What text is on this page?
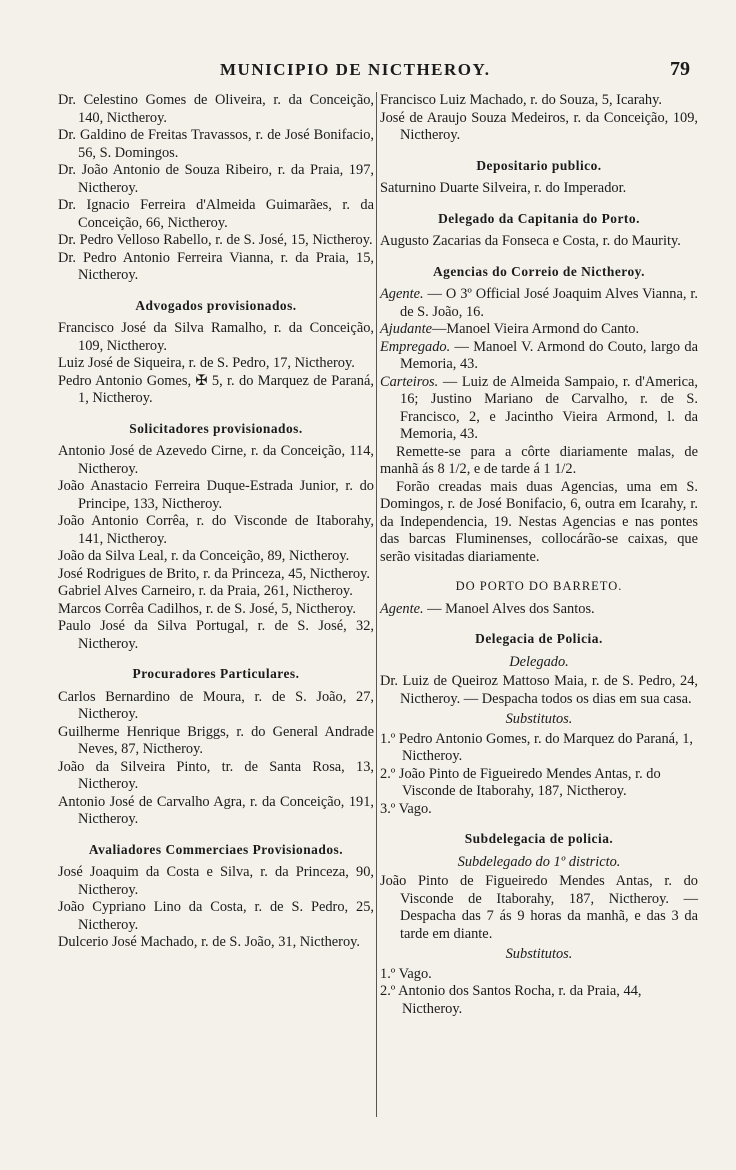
MUNICIPIO DE NICTHEROY.	79
Dr. Celestino Gomes de Oliveira, r. da Conceição, 140, Nictheroy.
Dr. Galdino de Freitas Travassos, r. de José Bonifacio, 56, S. Domingos.
Dr. João Antonio de Souza Ribeiro, r. da Praia, 197, Nictheroy.
Dr. Ignacio Ferreira d'Almeida Guimarães, r. da Conceição, 66, Nictheroy.
Dr. Pedro Velloso Rabello, r. de S. José, 15, Nictheroy.
Dr. Pedro Antonio Ferreira Vianna, r. da Praia, 15, Nictheroy.
Advogados provisionados.
Francisco José da Silva Ramalho, r. da Conceição, 109, Nictheroy.
Luiz José de Siqueira, r. de S. Pedro, 17, Nictheroy.
Pedro Antonio Gomes, ✠ 5, r. do Marquez de Paraná, 1, Nictheroy.
Solicitadores provisionados.
Antonio José de Azevedo Cirne, r. da Conceição, 114, Nictheroy.
João Anastacio Ferreira Duque-Estrada Junior, r. do Principe, 133, Nictheroy.
João Antonio Corrêa, r. do Visconde de Itaborahy, 141, Nictheroy.
João da Silva Leal, r. da Conceição, 89, Nictheroy.
José Rodrigues de Brito, r. da Princeza, 45, Nictheroy.
Gabriel Alves Carneiro, r. da Praia, 261, Nictheroy.
Marcos Corrêa Cadilhos, r. de S. José, 5, Nictheroy.
Paulo José da Silva Portugal, r. de S. José, 32, Nictheroy.
Procuradores Particulares.
Carlos Bernardino de Moura, r. de S. João, 27, Nictheroy.
Guilherme Henrique Briggs, r. do General Andrade Neves, 87, Nictheroy.
João da Silveira Pinto, tr. de Santa Rosa, 13, Nictheroy.
Antonio José de Carvalho Agra, r. da Conceição, 191, Nictheroy.
Avaliadores Commerciaes Provisionados.
José Joaquim da Costa e Silva, r. da Princeza, 90, Nictheroy.
João Cypriano Lino da Costa, r. de S. Pedro, 25, Nictheroy.
Dulcerio José Machado, r. de S. João, 31, Nictheroy.
Francisco Luiz Machado, r. do Souza, 5, Icarahy.
José de Araujo Souza Medeiros, r. da Conceição, 109, Nictheroy.
Depositario publico.
Saturnino Duarte Silveira, r. do Imperador.
Delegado da Capitania do Porto.
Augusto Zacarias da Fonseca e Costa, r. do Maurity.
Agencias do Correio de Nictheroy.
Agente. — O 3º Official José Joaquim Alves Vianna, r. de S. João, 16.
Ajudante—Manoel Vieira Armond do Canto.
Empregado. — Manoel V. Armond do Couto, largo da Memoria, 43.
Carteiros. — Luiz de Almeida Sampaio, r. d'America, 16; Justino Mariano de Carvalho, r. de S. Francisco, 2, e Jacintho Vieira Armond, l. da Memoria, 43.
Remette-se para a côrte diariamente malas, de manhã ás 8 1/2, e de tarde á 1 1/2.
Forão creadas mais duas Agencias, uma em S. Domingos, r. de José Bonifacio, 6, outra em Icarahy, r. da Independencia, 19. Nestas Agencias e nas pontes das barcas Fluminenses, collocárão-se caixas, que serão visitadas diariamente.
DO PORTO DO BARRETO.
Agente. — Manoel Alves dos Santos.
Delegacia de Policia.
Delegado.
Dr. Luiz de Queiroz Mattoso Maia, r. de S. Pedro, 24, Nictheroy. — Despacha todos os dias em sua casa.
Substitutos.
1.º Pedro Antonio Gomes, r. do Marquez do Paraná, 1, Nictheroy.
2.º João Pinto de Figueiredo Mendes Antas, r. do Visconde de Itaborahy, 187, Nictheroy.
3.º Vago.
Subdelegacia de policia.
Subdelegado do 1º districto.
João Pinto de Figueiredo Mendes Antas, r. do Visconde de Itaborahy, 187, Nictheroy. — Despacha das 7 ás 9 horas da manhã, e das 3 da tarde em diante.
Substitutos.
1.º Vago.
2.º Antonio dos Santos Rocha, r. da Praia, 44, Nictheroy.
